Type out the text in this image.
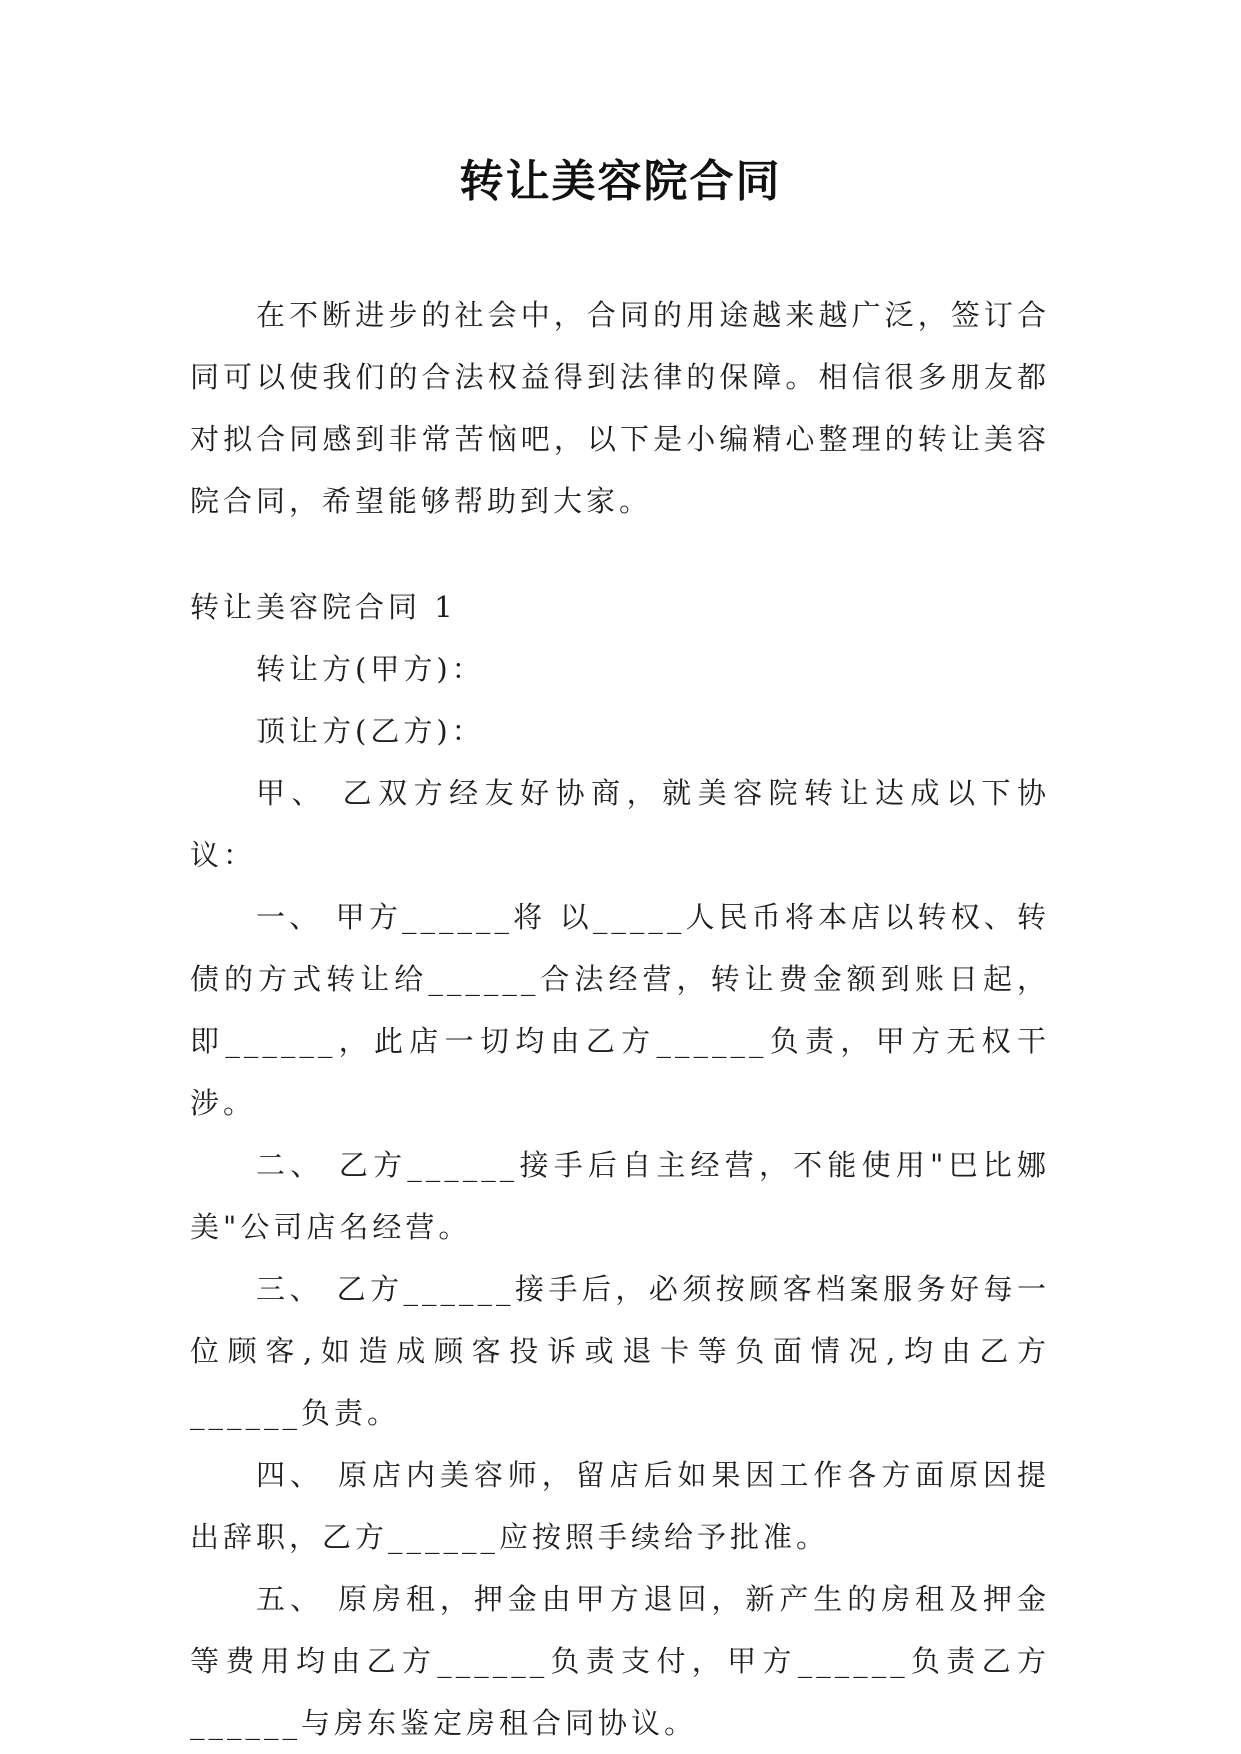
转让美容院合同

在不断进步的社会中，合同的用途越来越广泛，签订合同可以使我们的合法权益得到法律的保障。相信很多朋友都对拟合同感到非常苦恼吧，以下是小编精心整理的转让美容院合同，希望能够帮助到大家。

转让美容院合同 1

转让方(甲方)：

顶让方(乙方)：

甲、 乙双方经友好协商，就美容院转让达成以下协议：

一、 甲方______将 以_____人民币将本店以转权、转债的方式转让给______合法经营，转让费金额到账日起，即______，此店一切均由乙方______负责，甲方无权干涉。

二、 乙方______接手后自主经营，不能使用"巴比娜美"公司店名经营。

三、 乙方______接手后，必须按顾客档案服务好每一位顾客,如造成顾客投诉或退卡等负面情况,均由乙方______负责。

四、 原店内美容师，留店后如果因工作各方面原因提出辞职，乙方______应按照手续给予批准。

五、 原房租，押金由甲方退回，新产生的房租及押金等费用均由乙方______负责支付，甲方______负责乙方______与房东鉴定房租合同协议。
